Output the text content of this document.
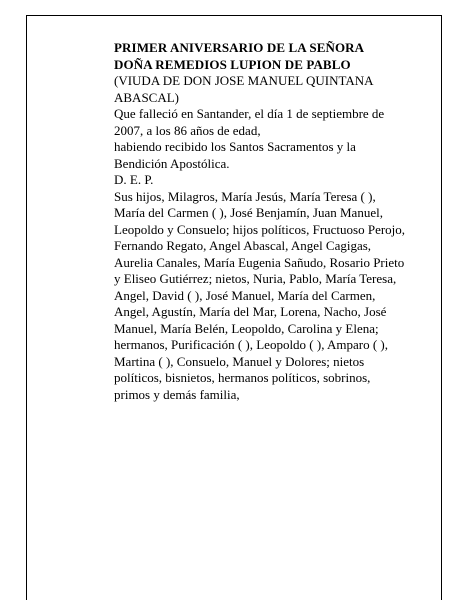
PRIMER ANIVERSARIO DE LA SEÑORA

DOÑA REMEDIOS LUPION DE PABLO

(VIUDA DE DON JOSE MANUEL QUINTANA ABASCAL)

Que falleció en Santander, el día 1 de septiembre de 2007, a los 86 años de edad,

habiendo recibido los Santos Sacramentos y la Bendición Apostólica.

D. E. P.

Sus hijos, Milagros, María Jesús, María Teresa ( ), María del Carmen ( ), José Benjamín, Juan Manuel, Leopoldo y Consuelo; hijos políticos, Fructuoso Perojo, Fernando Regato, Angel Abascal, Angel Cagigas, Aurelia Canales, María Eugenia Sañudo, Rosario Prieto y Eliseo Gutiérrez; nietos, Nuria, Pablo, María Teresa, Angel, David ( ), José Manuel, María del Carmen, Angel, Agustín, María del Mar, Lorena, Nacho, José Manuel, María Belén, Leopoldo, Carolina y Elena; hermanos, Purificación ( ), Leopoldo ( ), Amparo ( ), Martina ( ), Consuelo, Manuel y Dolores; nietos políticos, bisnietos, hermanos políticos, sobrinos, primos y demás familia,
